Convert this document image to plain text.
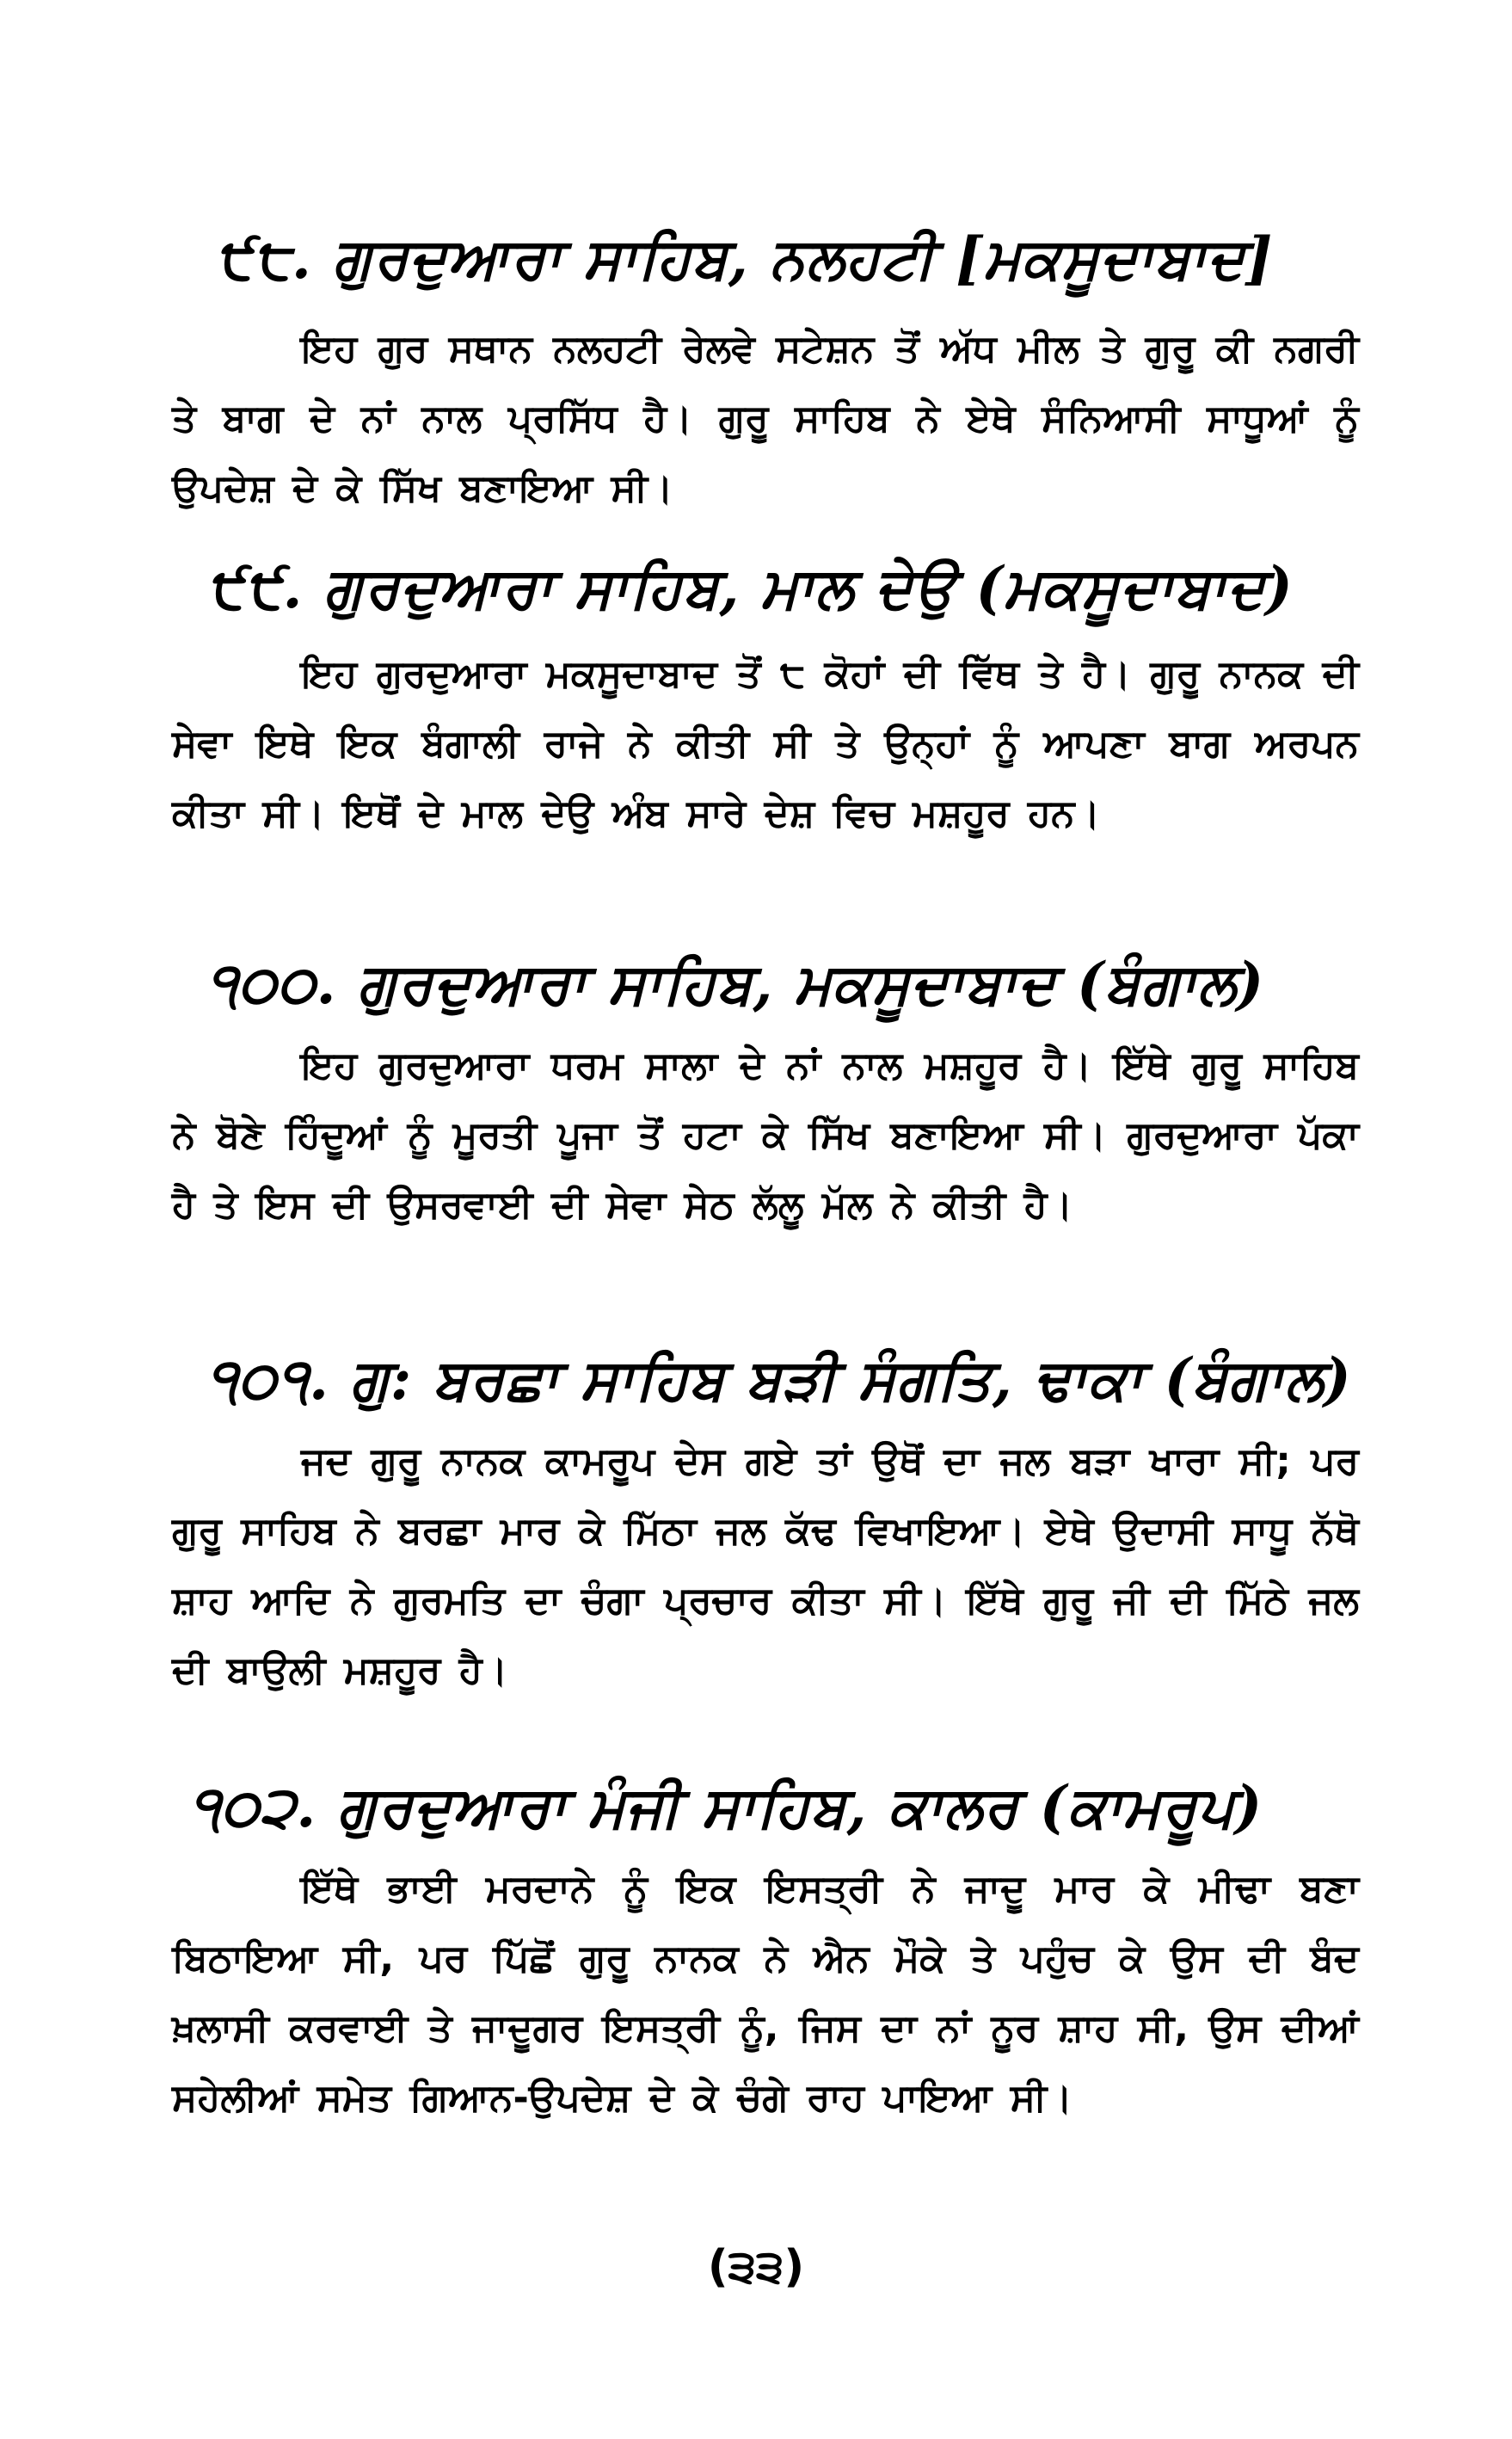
੯੮. ਗੁਰਦੁਆਰਾ ਸਾਹਿਬ, ਨਲਹਟੀ [ਮਕਸੂਦਾਬਾਦ]

ਇਹ ਗੁਰ ਸਥਾਨ ਨਲਹਟੀ ਰੇਲਵੇ ਸਟੇਸ਼ਨ ਤੋਂ ਅੱਧ ਮੀਲ ਤੇ ਗੁਰੂ ਕੀ ਨਗਰੀ ਤੇ ਬਾਗ ਦੇ ਨਾਂ ਨਾਲ ਪ੍ਰਸਿੱਧ ਹੈ। ਗੁਰੂ ਸਾਹਿਬ ਨੇ ਏਥੇ ਸੰਨਿਆਸੀ ਸਾਧੂਆਂ ਨੂੰ ਉਪਦੇਸ਼ ਦੇ ਕੇ ਸਿੱਖ ਬਣਾਇਆ ਸੀ।

੯੯. ਗੁਰਦੁਆਰਾ ਸਾਹਿਬ, ਮਾਲ ਦੇਉ (ਮਕਸੂਦਾਬਾਦ)

ਇਹ ਗੁਰਦੁਆਰਾ ਮਕਸੂਦਾਬਾਦ ਤੋਂ ੮ ਕੋਹਾਂ ਦੀ ਵਿੱਥ ਤੇ ਹੈ। ਗੁਰੂ ਨਾਨਕ ਦੀ ਸੇਵਾ ਇਥੇ ਇਕ ਬੰਗਾਲੀ ਰਾਜੇ ਨੇ ਕੀਤੀ ਸੀ ਤੇ ਉਨ੍ਹਾਂ ਨੂੰ ਆਪਣਾ ਬਾਗ ਅਰਪਨ ਕੀਤਾ ਸੀ। ਇਥੋਂ ਦੇ ਮਾਲ ਦੇਉ ਅੰਬ ਸਾਰੇ ਦੇਸ਼ ਵਿਚ ਮਸ਼ਹੂਰ ਹਨ।

੧੦੦. ਗੁਰਦੁਆਰਾ ਸਾਹਿਬ, ਮਕਸੂਦਾਬਾਦ (ਬੰਗਾਲ)

ਇਹ ਗੁਰਦੁਆਰਾ ਧਰਮ ਸਾਲਾ ਦੇ ਨਾਂ ਨਾਲ ਮਸ਼ਹੂਰ ਹੈ। ਇੱਥੇ ਗੁਰੂ ਸਾਹਿਬ ਨੇ ਬੋਣੇ ਹਿੰਦੂਆਂ ਨੂੰ ਮੂਰਤੀ ਪੂਜਾ ਤੋਂ ਹਟਾ ਕੇ ਸਿੱਖ ਬਣਾਇਆ ਸੀ। ਗੁਰਦੁਆਰਾ ਪੱਕਾ ਹੈ ਤੇ ਇਸ ਦੀ ਉਸਰਵਾਈ ਦੀ ਸੇਵਾ ਸੇਠ ਲੱਲੂ ਮੱਲ ਨੇ ਕੀਤੀ ਹੈ।

੧੦੧. ਗੁ: ਬਰਛਾ ਸਾਹਿਬ ਬੜੀ ਸੰਗਤਿ, ਢਾਕਾ (ਬੰਗਾਲ)

ਜਦ ਗੁਰੂ ਨਾਨਕ ਕਾਮਰੂਪ ਦੇਸ ਗਏ ਤਾਂ ਉਥੋਂ ਦਾ ਜਲ ਬੜਾ ਖਾਰਾ ਸੀ; ਪਰ ਗੁਰੂ ਸਾਹਿਬ ਨੇ ਬਰਛਾ ਮਾਰ ਕੇ ਮਿੱਠਾ ਜਲ ਕੱਢ ਵਿਖਾਇਆ। ਏਥੇ ਉਦਾਸੀ ਸਾਧੂ ਨੱਥੋ ਸ਼ਾਹ ਆਦਿ ਨੇ ਗੁਰਮਤਿ ਦਾ ਚੰਗਾ ਪ੍ਰਚਾਰ ਕੀਤਾ ਸੀ। ਇੱਥੇ ਗੁਰੂ ਜੀ ਦੀ ਮਿੱਠੇ ਜਲ ਦੀ ਬਾਉਲੀ ਮਸ਼ਹੂਰ ਹੈ।

੧੦੨. ਗੁਰਦੁਆਰਾ ਮੰਜੀ ਸਾਹਿਬ, ਕਾਲਰ (ਕਾਮਰੂਪ)

ਇੱਥੇ ਭਾਈ ਮਰਦਾਨੇ ਨੂੰ ਇਕ ਇਸਤ੍ਰੀ ਨੇ ਜਾਦੂ ਮਾਰ ਕੇ ਮੀਢਾ ਬਣਾ ਬਿਠਾਇਆ ਸੀ, ਪਰ ਪਿੱਛੋਂ ਗੁਰੂ ਨਾਨਕ ਨੇ ਐਨ ਮੌਕੇ ਤੇ ਪਹੁੰਚ ਕੇ ਉਸ ਦੀ ਬੰਦ ਖ਼ਲਾਸੀ ਕਰਵਾਈ ਤੇ ਜਾਦੂਗਰ ਇਸਤ੍ਰੀ ਨੂੰ, ਜਿਸ ਦਾ ਨਾਂ ਨੂਰ ਸ਼ਾਹ ਸੀ, ਉਸ ਦੀਆਂ ਸਹੇਲੀਆਂ ਸਮੇਤ ਗਿਆਨ-ਉਪਦੇਸ਼ ਦੇ ਕੇ ਚੰਗੇ ਰਾਹ ਪਾਇਆ ਸੀ।

(੩੩)
